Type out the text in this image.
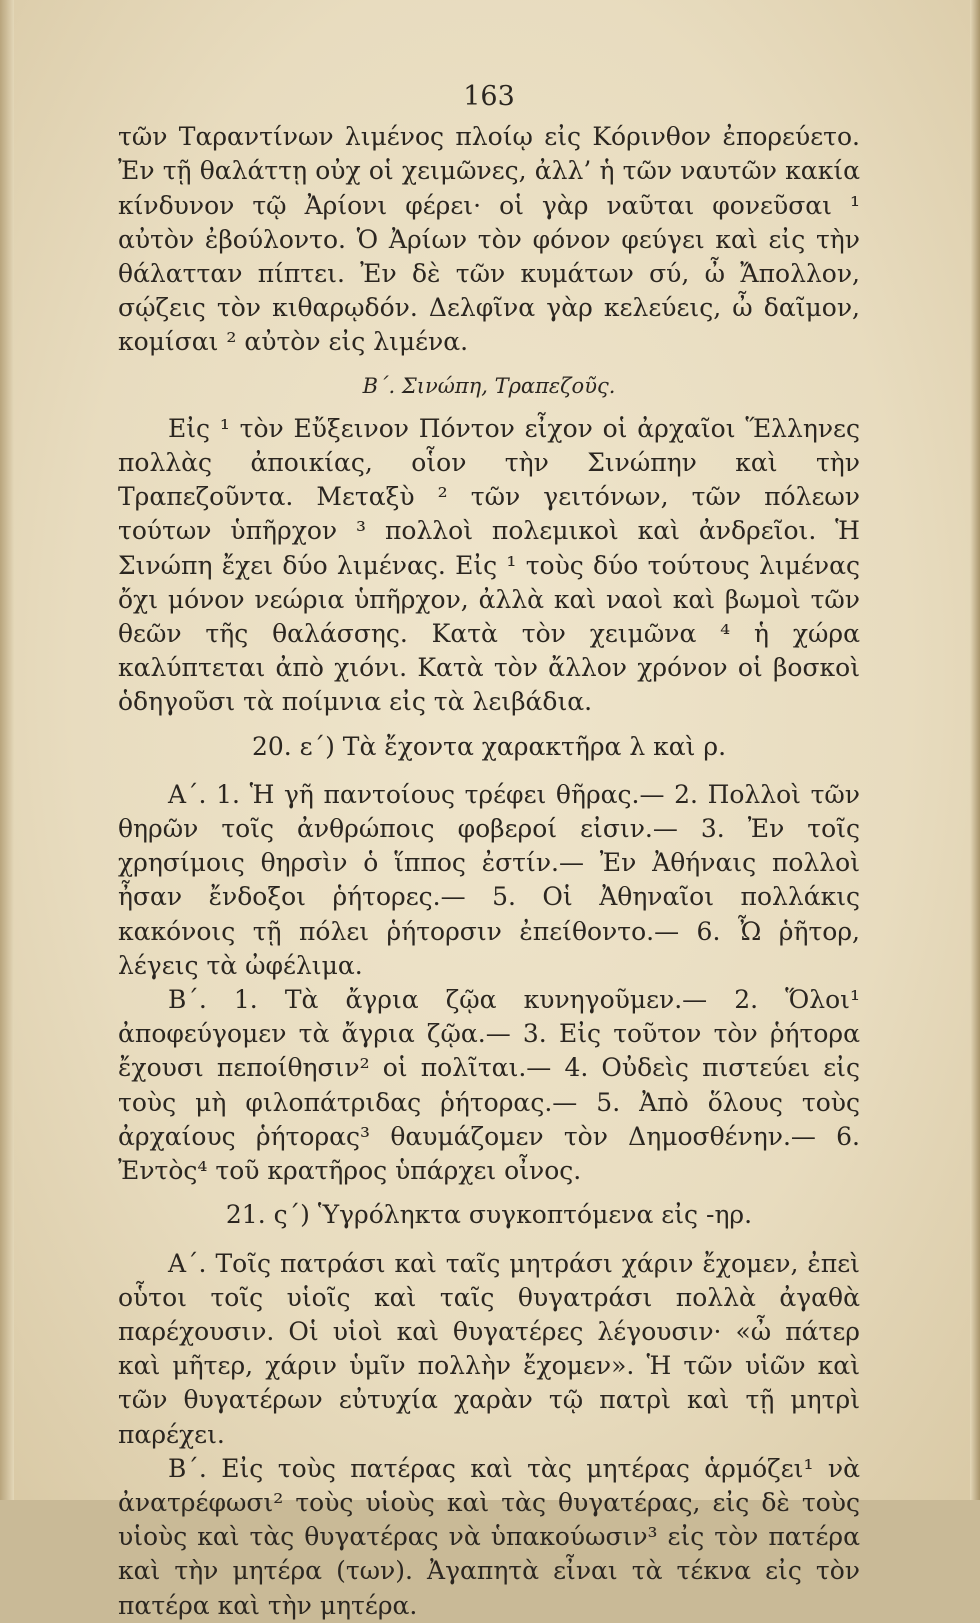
163

τῶν Ταραντίνων λιμένος πλοίῳ εἰς Κόρινθον ἐπορεύετο. Ἐν τῇ θαλάττῃ οὐχ οἱ χειμῶνες, ἀλλ’ ἡ τῶν ναυτῶν κακία κίνδυνον τῷ Ἀρίονι φέρει· οἱ γὰρ ναῦται φονεῦσαι ¹ αὐτὸν ἐβούλοντο. Ὁ Ἀρίων τὸν φόνον φεύγει καὶ εἰς τὴν θάλατταν πίπτει. Ἐν δὲ τῶν κυμάτων σύ, ὦ Ἄπολλον, σῴζεις τὸν κιθαρῳδόν. Δελφῖνα γὰρ κελεύεις, ὦ δαῖμον, κομίσαι ² αὐτὸν εἰς λιμένα.

Β΄. Σινώπη, Τραπεζοῦς.

Εἰς ¹ τὸν Εὔξεινον Πόντον εἶχον οἱ ἀρχαῖοι Ἕλληνες πολλὰς ἀποικίας, οἷον τὴν Σινώπην καὶ τὴν Τραπεζοῦντα. Μεταξὺ ² τῶν γειτόνων, τῶν πόλεων τούτων ὑπῆρχον ³ πολλοὶ πολεμικοὶ καὶ ἀνδρεῖοι. Ἡ Σινώπη ἔχει δύο λιμένας. Εἰς ¹ τοὺς δύο τούτους λιμένας ὄχι μόνον νεώρια ὑπῆρχον, ἀλλὰ καὶ ναοὶ καὶ βωμοὶ τῶν θεῶν τῆς θαλάσσης. Κατὰ τὸν χειμῶνα ⁴ ἡ χώρα καλύπτεται ἀπὸ χιόνι. Κατὰ τὸν ἄλλον χρόνον οἱ βοσκοὶ ὁδηγοῦσι τὰ ποίμνια εἰς τὰ λειβάδια.

20. ε΄) Τὰ ἔχοντα χαρακτῆρα λ καὶ ρ.

Α΄. 1. Ἡ γῆ παντοίους τρέφει θῆρας.— 2. Πολλοὶ τῶν θηρῶν τοῖς ἀνθρώποις φοβεροί εἰσιν.— 3. Ἐν τοῖς χρησίμοις θηρσὶν ὁ ἵππος ἐστίν.— Ἐν Ἀθήναις πολλοὶ ἦσαν ἔνδοξοι ῥήτορες.— 5. Οἱ Ἀθηναῖοι πολλάκις κακόνοις τῇ πόλει ῥήτορσιν ἐπείθοντο.— 6. Ὦ ῥῆτορ, λέγεις τὰ ὠφέλιμα.

Β΄. 1. Τὰ ἄγρια ζῷα κυνηγοῦμεν.— 2. Ὅλοι¹ ἀποφεύγομεν τὰ ἄγρια ζῷα.— 3. Εἰς τοῦτον τὸν ῥήτορα ἔχουσι πεποίθησιν² οἱ πολῖται.— 4. Οὐδεὶς πιστεύει εἰς τοὺς μὴ φιλοπάτριδας ῥήτορας.— 5. Ἀπὸ ὅλους τοὺς ἀρχαίους ῥήτορας³ θαυμάζομεν τὸν Δημοσθένην.— 6. Ἐντὸς⁴ τοῦ κρατῆρος ὑπάρχει οἶνος.

21. ς΄) Ὑγρόληκτα συγκοπτόμενα εἰς -ηρ.

Α΄. Τοῖς πατράσι καὶ ταῖς μητράσι χάριν ἔχομεν, ἐπεὶ οὗτοι τοῖς υἱοῖς καὶ ταῖς θυγατράσι πολλὰ ἀγαθὰ παρέχουσιν. Οἱ υἱοὶ καὶ θυγατέρες λέγουσιν· «ὦ πάτερ καὶ μῆτερ, χάριν ὑμῖν πολλὴν ἔχομεν». Ἡ τῶν υἱῶν καὶ τῶν θυγατέρων εὐτυχία χαρὰν τῷ πατρὶ καὶ τῇ μητρὶ παρέχει.

Β΄. Εἰς τοὺς πατέρας καὶ τὰς μητέρας ἁρμόζει¹ νὰ ἀνατρέφωσι² τοὺς υἱοὺς καὶ τὰς θυγατέρας, εἰς δὲ τοὺς υἱοὺς καὶ τὰς θυγατέρας νὰ ὑπακούωσιν³ εἰς τὸν πατέρα καὶ τὴν μητέρα (των). Ἀγαπητὰ εἶναι τὰ τέκνα εἰς τὸν πατέρα καὶ τὴν μητέρα.
